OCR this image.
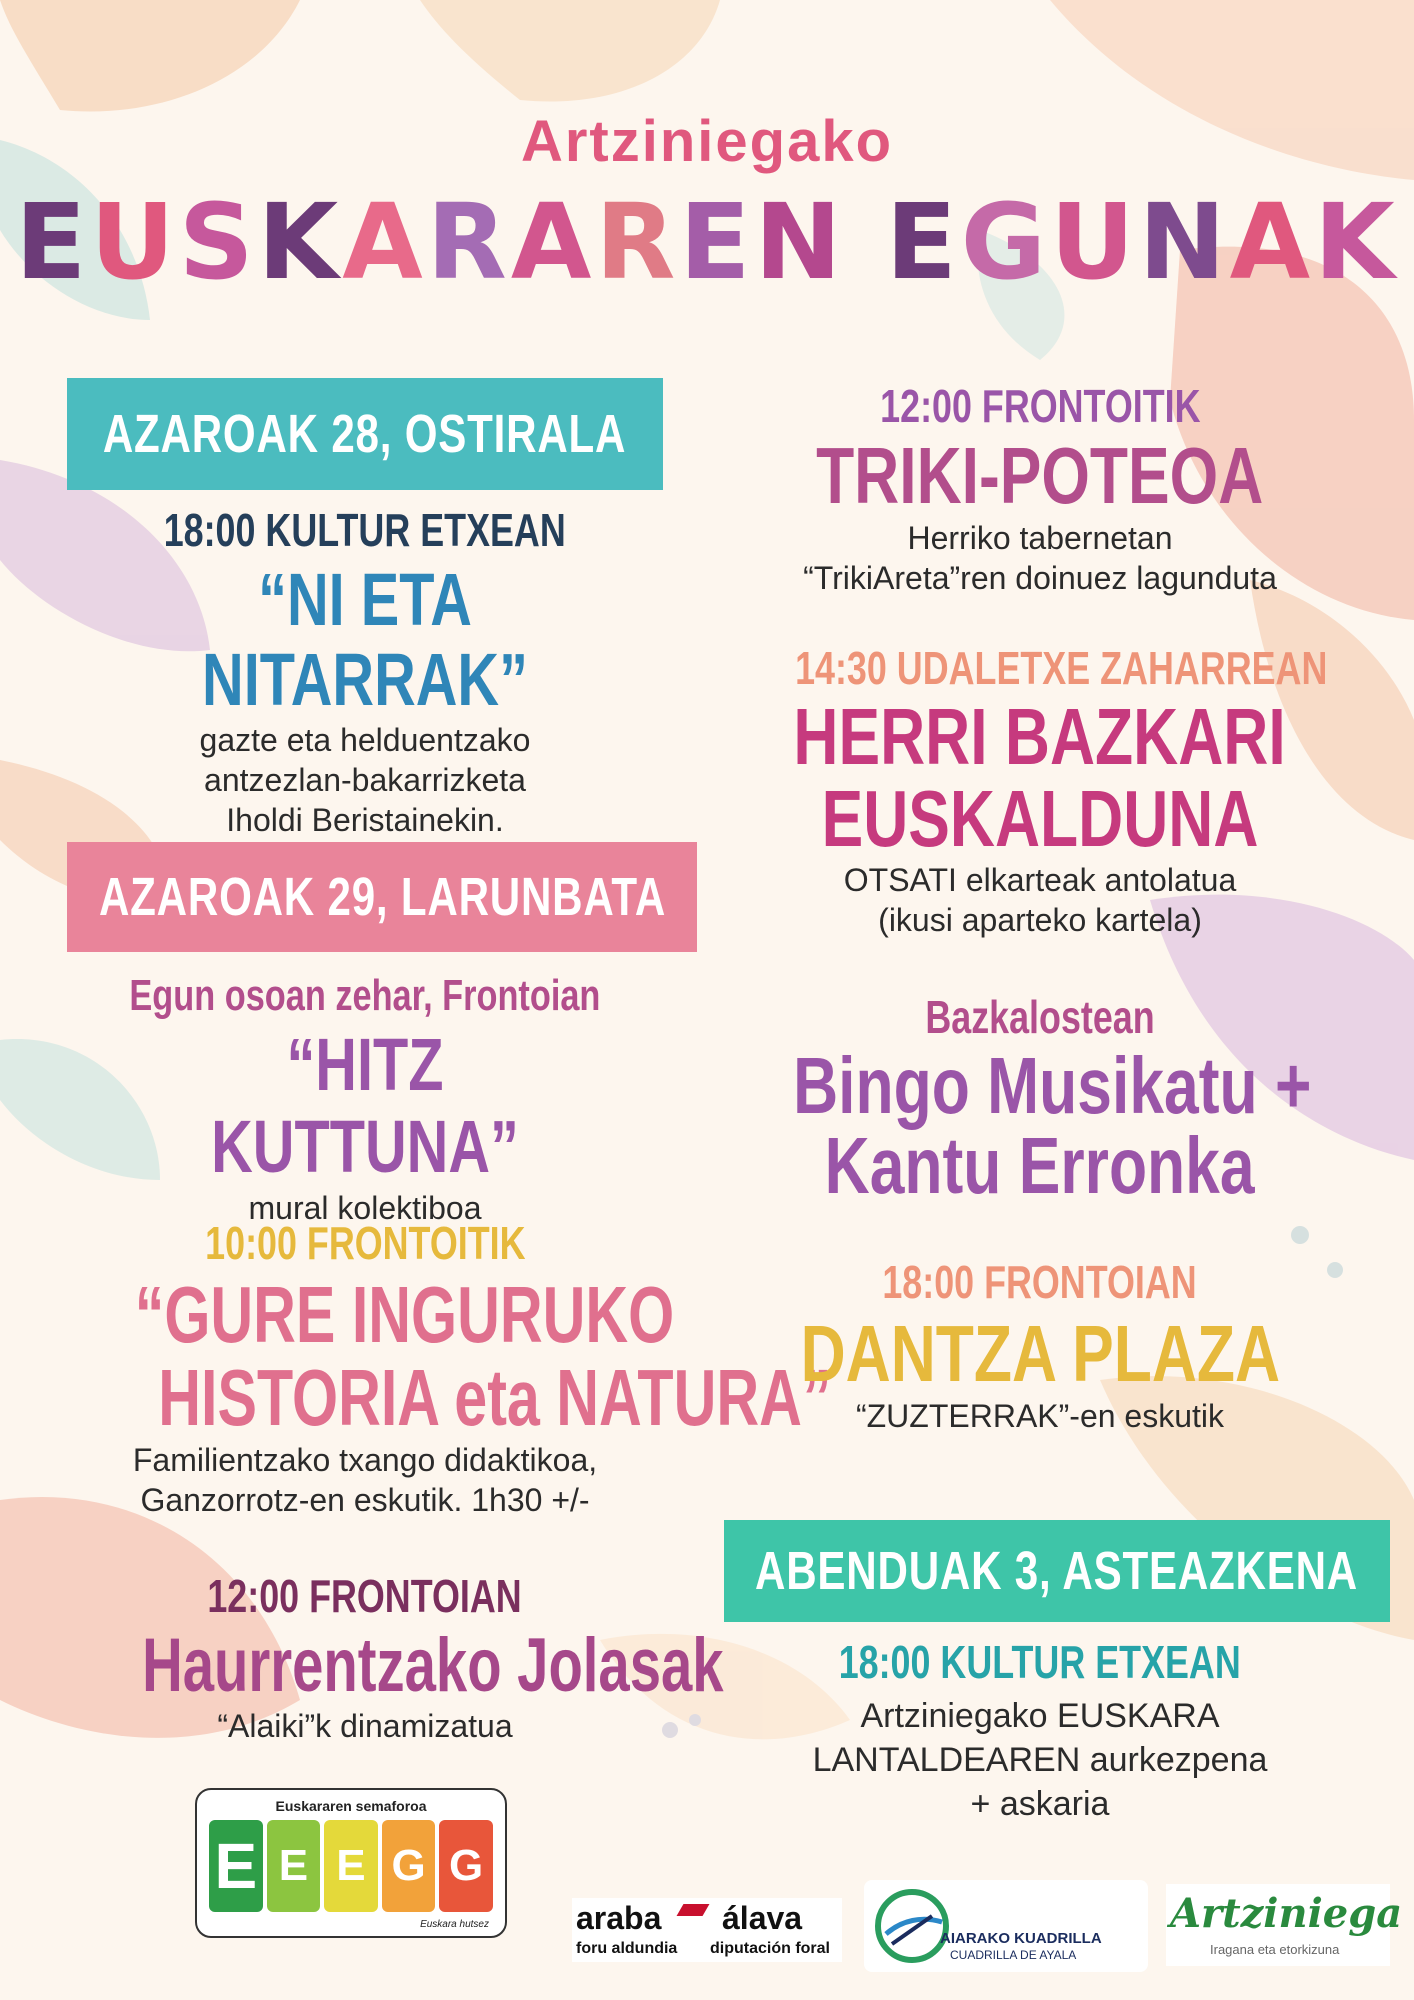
Artziniegako
EUSKARAREN EGUNAK
AZAROAK 28, OSTIRALA
18:00 KULTUR ETXEAN
“NI ETA NITARRAK”
gazte eta helduentzako
antzezlan-bakarrizketa
Iholdi Beristainekin.
AZAROAK 29, LARUNBATA
Egun osoan zehar, Frontoian
“HITZ KUTTUNA”
mural kolektiboa
10:00 FRONTOITIK
“GURE INGURUKO
HISTORIA eta NATURA”
Familientzako txango didaktikoa,
Ganzorrotz-en eskutik. 1h30 +/-
12:00 FRONTOIAN
Haurrentzako Jolasak
“Alaiki”k dinamizatua
12:00 FRONTOITIK
TRIKI-POTEOA
Herriko tabernetan
“TrikiAreta”ren doinuez lagunduta
14:30 UDALETXE ZAHARREAN
HERRI BAZKARI
EUSKALDUNA
OTSATI elkarteak antolatua
(ikusi aparteko kartela)
Bazkalostean
Bingo Musikatu +
Kantu Erronka
18:00 FRONTOIAN
DANTZA PLAZA
“ZUZTERRAK”-en eskutik
ABENDUAK 3, ASTEAZKENA
18:00 KULTUR ETXEAN
Artziniegako EUSKARA
LANTALDEAREN aurkezpena
+ askaria
Euskararen semaforoa
E E E G G
Euskara hutsez	araba álava
foru aldundia diputación foral
AIARAKO KUADRILLA
CUADRILLA DE AYALA
Artziniega
Iragana eta etorkizuna
